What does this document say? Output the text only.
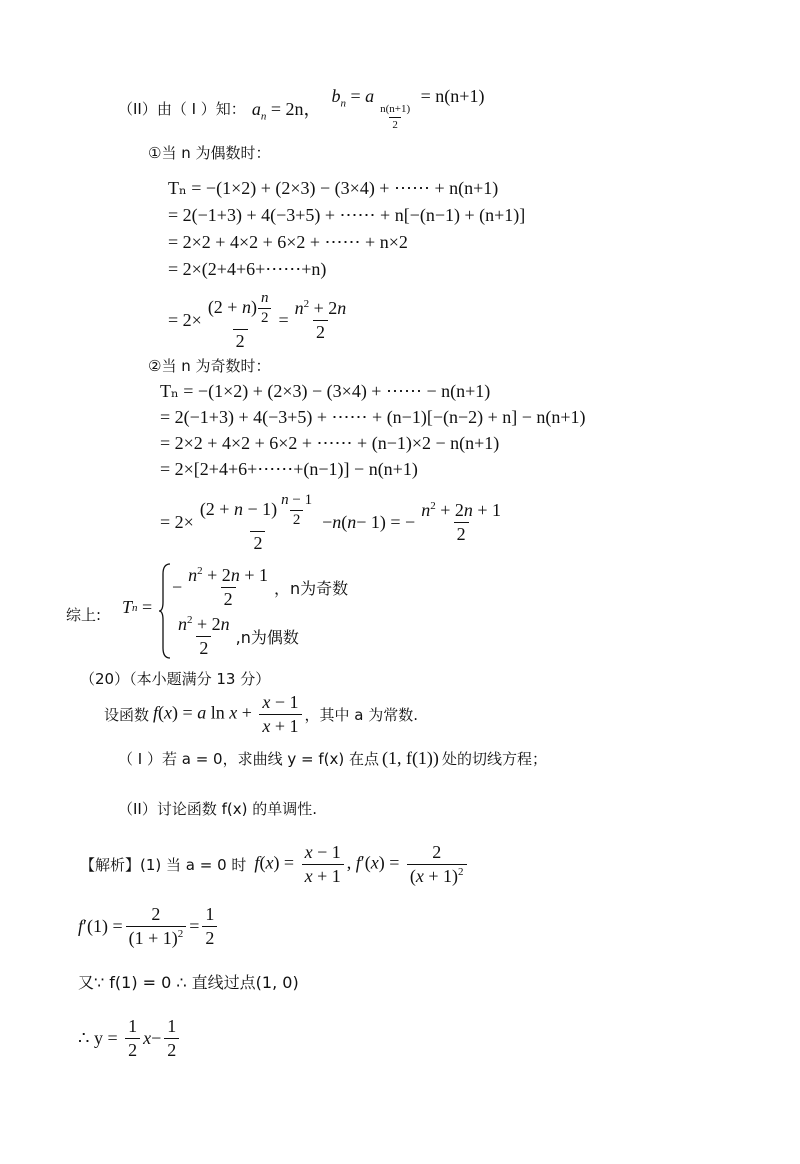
（II）由（ I ）知： $a_n = 2n$，
$b_n = a$
$\frac{n(n+1)}{2}$
= n(n+1)
①当 n 为偶数时：
Tₙ = −(1×2) + (2×3) − (3×4) + ⋯⋯ + n(n+1)
= 2(−1+3) + 4(−3+5) + ⋯⋯ + n[−(n−1) + (n+1)]
= 2×2 + 4×2 + 6×2 + ⋯⋯ + n×2
= 2×(2+4+6+⋯⋯+n)
= $2\times \frac{(2 + n) \frac{n}{2}}{2} = \frac{n^2 + 2n}{2}$
②当 n 为奇数时：
Tₙ = −(1×2) + (2×3) − (3×4) + ⋯⋯ − n(n+1)
= 2(−1+3) + 4(−3+5) + ⋯⋯ + (n−1)[−(n−2) + n] − n(n+1)
= 2×2 + 4×2 + 6×2 + ⋯⋯ + (n−1)×2 − n(n+1)
= 2×[2+4+6+⋯⋯+(n−1)] − n(n+1)
= $2\times \frac{(2 + n - 1) \frac{n - 1}{2}}{2} - n$ ( n − 1) = − $\frac{n^2 + 2n + 1}{2}$
综上: T n =
− $\frac{n^2 + 2n + 1}{2}$ ，n为奇数
$\frac{n^2 + 2n}{2} ,n$为偶数
（20）（本小题满分 13 分）
设函数 f(x) = a $\ln x + \frac{x - 1}{x + 1}$ ，其中 a 为常数.
（ I ）若 a = 0，求曲线 y = f(x) 在点 (1, f(1)) 处的切线方程；
（II）讨论函数 f(x) 的单调性.
【解析】 (1) 当 a = 0 时 $f(x) = \frac{x - 1}{x + 1}$ , $f'(x) = \frac{2}{(x + 1)^2}$
f $'(1) = \frac{2}{(1 + 1)^2} = \frac{1}{2}$
又∵ f(1) = 0 ∴ 直线过点(1, 0)
∴ y =
$\frac{1}{2}$ $x - \frac{1}{2}$
